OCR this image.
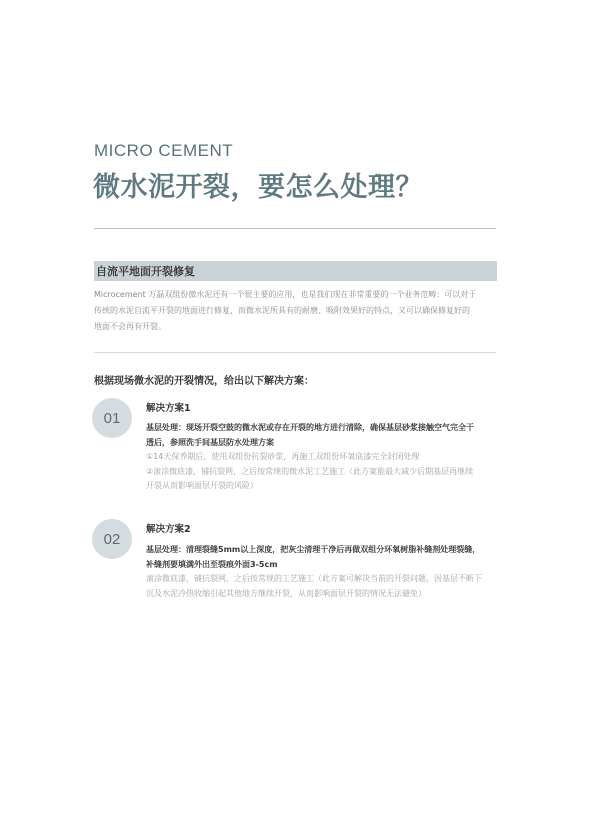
MICRO CEMENT
微水泥开裂，要怎么处理？
自流平地面开裂修复
Microcement 万磊双组份微水泥还有一个很主要的应用，也是我们现在非常重要的一个业务范畴：可以对于
传统的水泥自流平开裂的地面进行修复，而微水泥所具有的耐磨、吸附效果好的特点，又可以确保修复好的
地面不会再有开裂。
根据现场微水泥的开裂情况，给出以下解决方案：
01
解决方案1
基层处理：现场开裂空鼓的微水泥或存在开裂的地方进行清除，确保基层砂浆接触空气完全干
透后，参照洗手间基层防水处理方案
①14天保养期后，使用双组份抗裂砂浆，再施工双组份环氧底漆完全封闭处理
②滚涂微底漆，铺抗裂网，之后按常规的微水泥工艺施工（此方案能最大减少后期基层再继续
开裂从而影响面层开裂的风险）
02
解决方案2
基层处理：清理裂缝5mm以上深度，把灰尘清理干净后再做双组分环氧树脂补缝剂处理裂缝，
补缝剂要填满外出至裂痕外面3-5cm
滚涂微底漆，铺抗裂网，之后按常规的工艺施工（此方案可解决当前的开裂问题，因基层不断下
沉及水泥冷热收缩引起其他地方继续开裂，从而影响面层开裂的情况无法避免）
